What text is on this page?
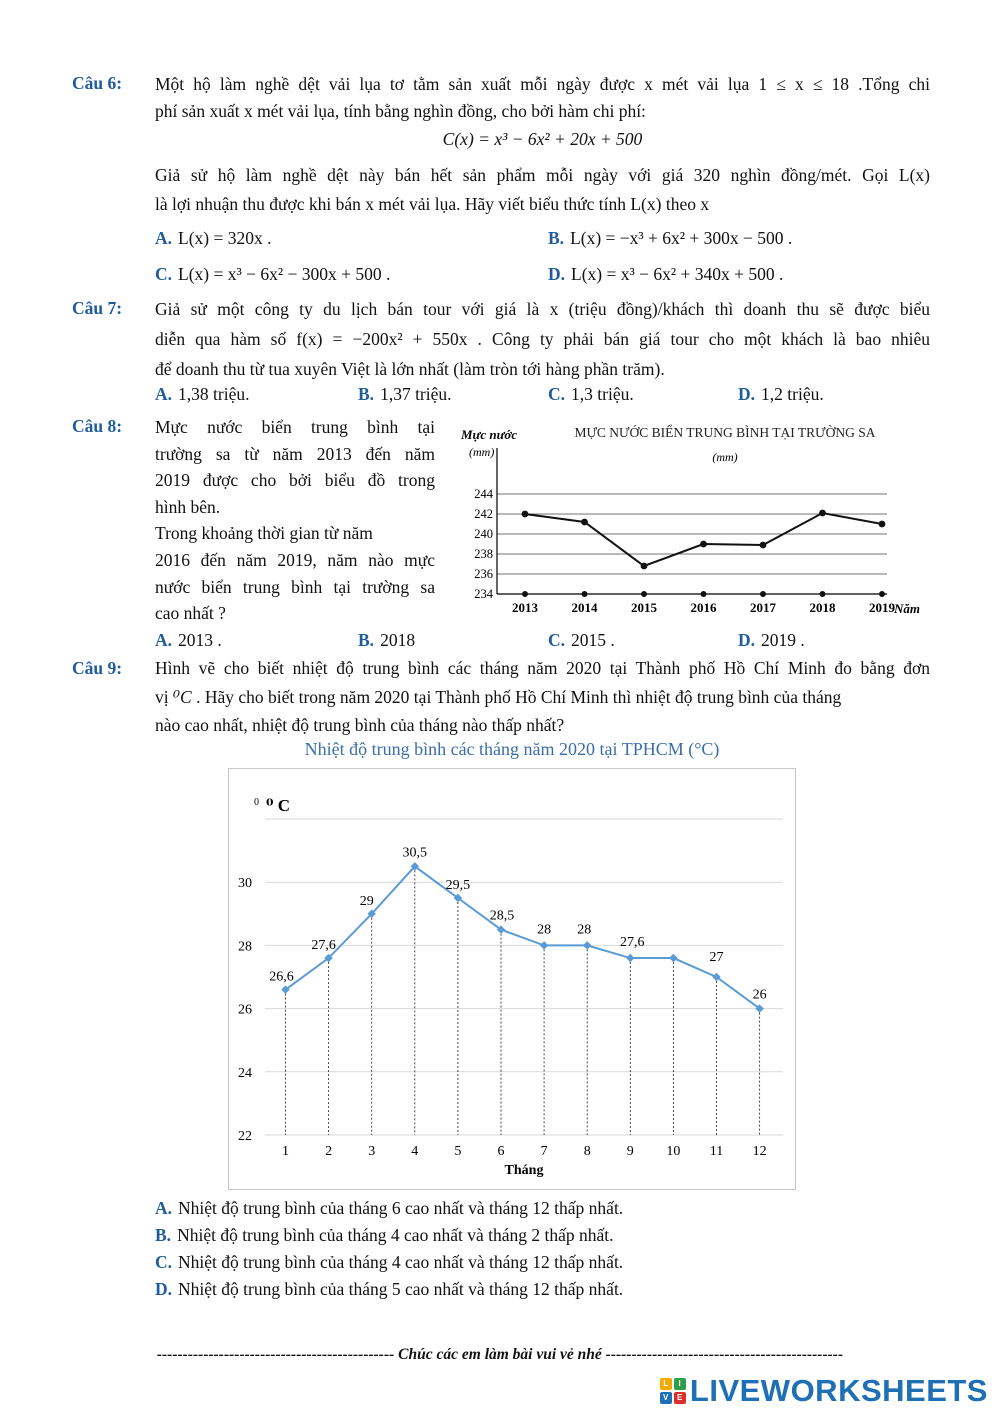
Câu 6: Một hộ làm nghề dệt vải lụa tơ tằm sản xuất mỗi ngày được x mét vải lụa 1 ≤ x ≤ 18 .Tổng chi
phí sản xuất x mét vải lụa, tính bằng nghìn đồng, cho bởi hàm chi phí:
C(x) = x³ − 6x² + 20x + 500
Giả sử hộ làm nghề dệt này bán hết sản phẩm mỗi ngày với giá 320 nghìn đồng/mét. Gọi L(x)
là lợi nhuận thu được khi bán x mét vải lụa. Hãy viết biểu thức tính L(x) theo x
A. L(x) = 320x .	B. L(x) = −x³ + 6x² + 300x − 500 .
C. L(x) = x³ − 6x² − 300x + 500 .	D. L(x) = x³ − 6x² + 340x + 500 .
Câu 7: Giả sử một công ty du lịch bán tour với giá là x (triệu đồng)/khách thì doanh thu sẽ được biểu
diễn qua hàm số f(x) = −200x² + 550x . Công ty phải bán giá tour cho một khách là bao nhiêu
để doanh thu từ tua xuyên Việt là lớn nhất (làm tròn tới hàng phần trăm).
A. 1,38 triệu.	B. 1,37 triệu.	C. 1,3 triệu.	D. 1,2 triệu.
Câu 8: Mực nước biển trung bình tại
trường sa từ năm 2013 đến năm
2019 được cho bởi biểu đồ trong
hình bên.
Trong khoảng thời gian từ năm
2016 đến năm 2019, năm nào mực
nước biển trung bình tại trường sa
cao nhất ?
Mực nước
(mm)
MỰC NƯỚC BIỂN TRUNG BÌNH TẠI TRƯỜNG SA
(mm)
234
236
238
240
242
244
2013	2014	2015	2016	2017	2018	2019 Năm
A. 2013 .	B. 2018	C. 2015 .	D. 2019 .
Câu 9: Hình vẽ cho biết nhiệt độ trung bình các tháng năm 2020 tại Thành phố Hồ Chí Minh đo bằng đơn
vị ⁰C . Hãy cho biết trong năm 2020 tại Thành phố Hồ Chí Minh thì nhiệt độ trung bình của tháng
nào cao nhất, nhiệt độ trung bình của tháng nào thấp nhất?
Nhiệt độ trung bình các tháng năm 2020 tại TPHCM (°C)
0 ⁰ C
22
24
26
28
30
26,6
1
27,6
2
29
3
30,5
4
29,5
5
28,5
6
28
7
28
8
27,6
9 10
27
11
26
12
Tháng
A. Nhiệt độ trung bình của tháng 6 cao nhất và tháng 12 thấp nhất.
B. Nhiệt độ trung bình của tháng 4 cao nhất và tháng 2 thấp nhất.
C. Nhiệt độ trung bình của tháng 4 cao nhất và tháng 12 thấp nhất.
D. Nhiệt độ trung bình của tháng 5 cao nhất và tháng 12 thấp nhất.
---------------------------------------------- Chúc các em làm bài vui vẻ nhé ----------------------------------------------
L	I
V	E LIVEWORKSHEETS
